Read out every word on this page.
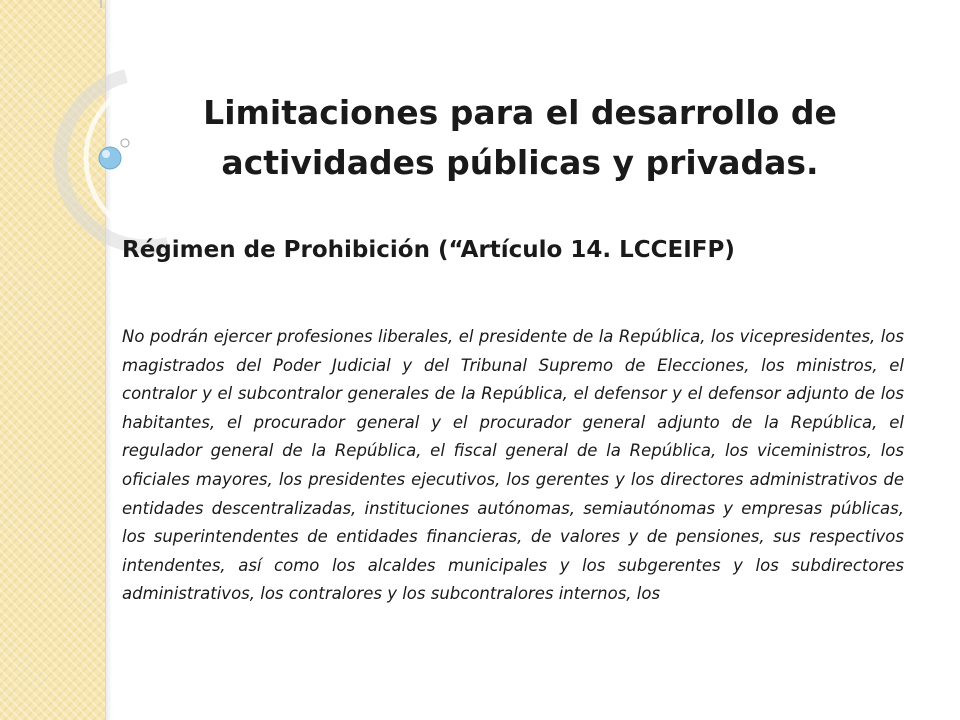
Limitaciones para el desarrollo de actividades públicas y privadas.
Régimen de Prohibición (“Artículo 14. LCCEIFP)

No podrán ejercer profesiones liberales, el presidente de la República, los vicepresidentes, los magistrados del Poder Judicial y del Tribunal Supremo de Elecciones, los ministros, el contralor y el subcontralor generales de la República, el defensor y el defensor adjunto de los habitantes, el procurador general y el procurador general adjunto de la República, el regulador general de la República, el fiscal general de la República, los viceministros, los oficiales mayores, los presidentes ejecutivos, los gerentes y los directores administrativos de entidades descentralizadas, instituciones autónomas, semiautónomas y empresas públicas, los superintendentes de entidades financieras, de valores y de pensiones, sus respectivos intendentes, así como los alcaldes municipales y los subgerentes y los subdirectores administrativos, los contralores y los subcontralores internos, los
